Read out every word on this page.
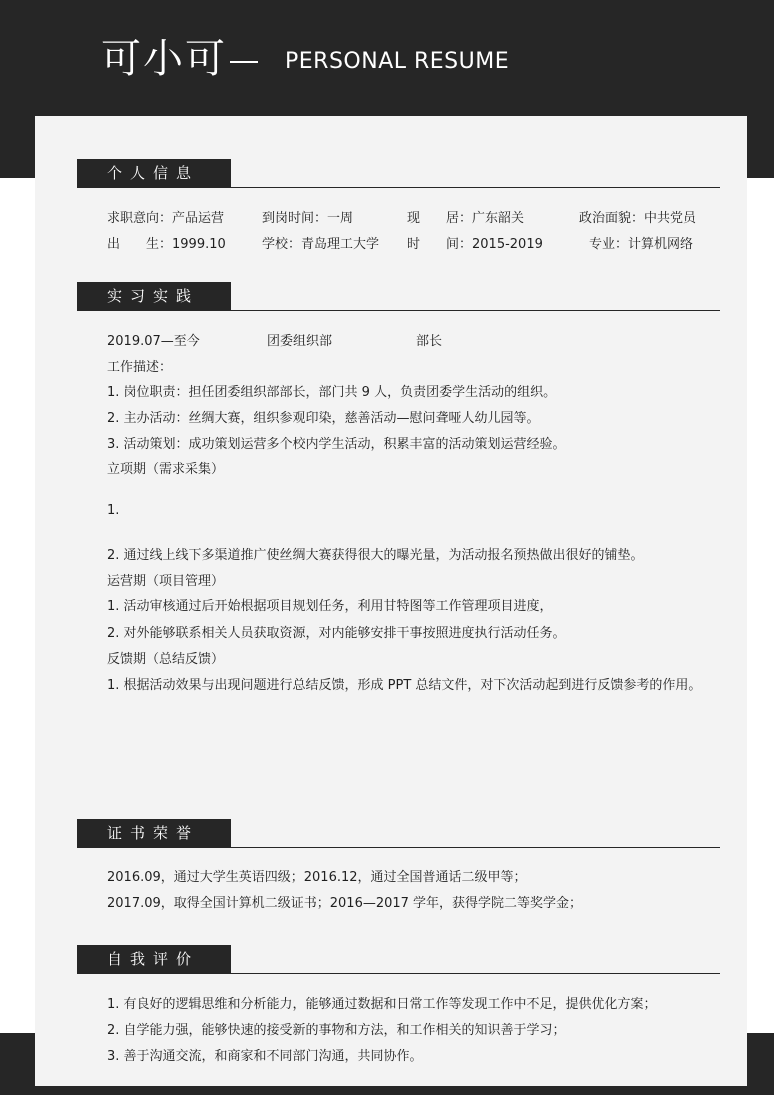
可小可	PERSONAL RESUME
个人信息
求职意向：产品运营	到岗时间：一周	现　　居：广东韶关	政治面貌：中共党员
出　　生：1999.10	学校：青岛理工大学 时　　间：2015-2019	专业：计算机网络
实习实践
2019.07—至今	团委组织部	部长
工作描述：
1. 岗位职责：担任团委组织部部长，部门共 9 人，负责团委学生活动的组织。
2. 主办活动：丝绸大赛，组织参观印染，慈善活动—慰问聋哑人幼儿园等。
3. 活动策划：成功策划运营多个校内学生活动，积累丰富的活动策划运营经验。
立项期（需求采集）
1.
2. 通过线上线下多渠道推广使丝绸大赛获得很大的曝光量，为活动报名预热做出很好的铺垫。
运营期（项目管理）
1. 活动审核通过后开始根据项目规划任务，利用甘特图等工作管理项目进度，
2. 对外能够联系相关人员获取资源，对内能够安排干事按照进度执行活动任务。
反馈期（总结反馈）
1. 根据活动效果与出现问题进行总结反馈，形成 PPT 总结文件，对下次活动起到进行反馈参考的作用。
证书荣誉
2016.09，通过大学生英语四级；2016.12，通过全国普通话二级甲等；
2017.09，取得全国计算机二级证书；2016—2017 学年，获得学院二等奖学金；
自我评价
1. 有良好的逻辑思维和分析能力，能够通过数据和日常工作等发现工作中不足，提供优化方案；
2. 自学能力强，能够快速的接受新的事物和方法，和工作相关的知识善于学习；
3. 善于沟通交流，和商家和不同部门沟通，共同协作。
